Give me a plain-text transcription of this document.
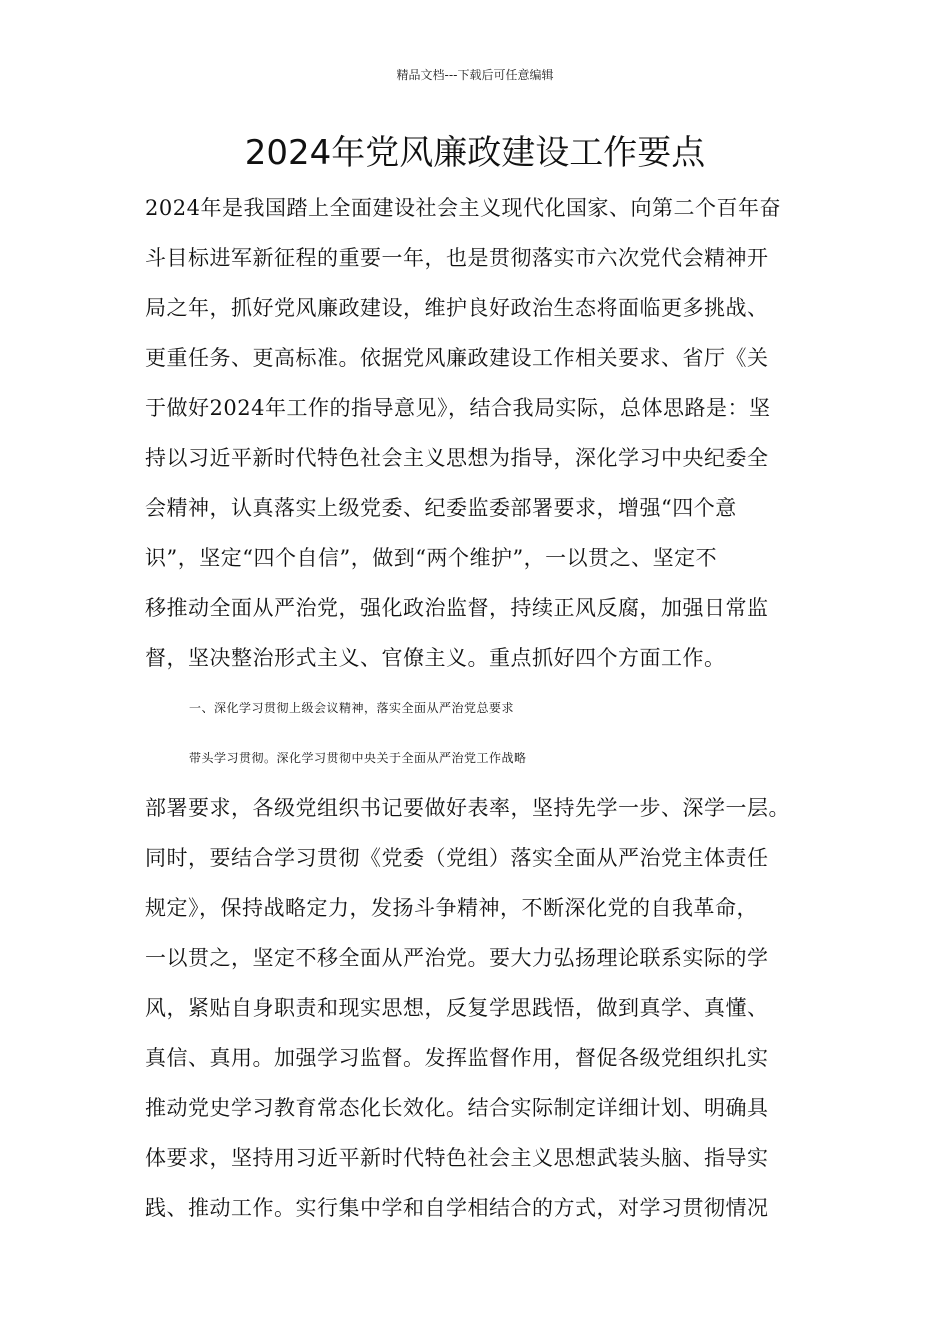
精品文档---下载后可任意编辑
2024年党风廉政建设工作要点
2024年是我国踏上全面建设社会主义现代化国家、向第二个百年奋
斗目标进军新征程的重要一年，也是贯彻落实市六次党代会精神开
局之年，抓好党风廉政建设，维护良好政治生态将面临更多挑战、
更重任务、更高标准。依据党风廉政建设工作相关要求、省厅《关
于做好2024年工作的指导意见》，结合我局实际，总体思路是：坚
持以习近平新时代特色社会主义思想为指导，深化学习中央纪委全
会精神，认真落实上级党委、纪委监委部署要求，增强“四个意
识”，坚定“四个自信”，做到“两个维护”，一以贯之、坚定不
移推动全面从严治党，强化政治监督，持续正风反腐，加强日常监
督，坚决整治形式主义、官僚主义。重点抓好四个方面工作。
一、深化学习贯彻上级会议精神，落实全面从严治党总要求
带头学习贯彻。深化学习贯彻中央关于全面从严治党工作战略
部署要求，各级党组织书记要做好表率，坚持先学一步、深学一层。
同时，要结合学习贯彻《党委（党组）落实全面从严治党主体责任
规定》，保持战略定力，发扬斗争精神，不断深化党的自我革命，
一以贯之，坚定不移全面从严治党。要大力弘扬理论联系实际的学
风，紧贴自身职责和现实思想，反复学思践悟，做到真学、真懂、
真信、真用。加强学习监督。发挥监督作用，督促各级党组织扎实
推动党史学习教育常态化长效化。结合实际制定详细计划、明确具
体要求，坚持用习近平新时代特色社会主义思想武装头脑、指导实
践、推动工作。实行集中学和自学相结合的方式，对学习贯彻情况
